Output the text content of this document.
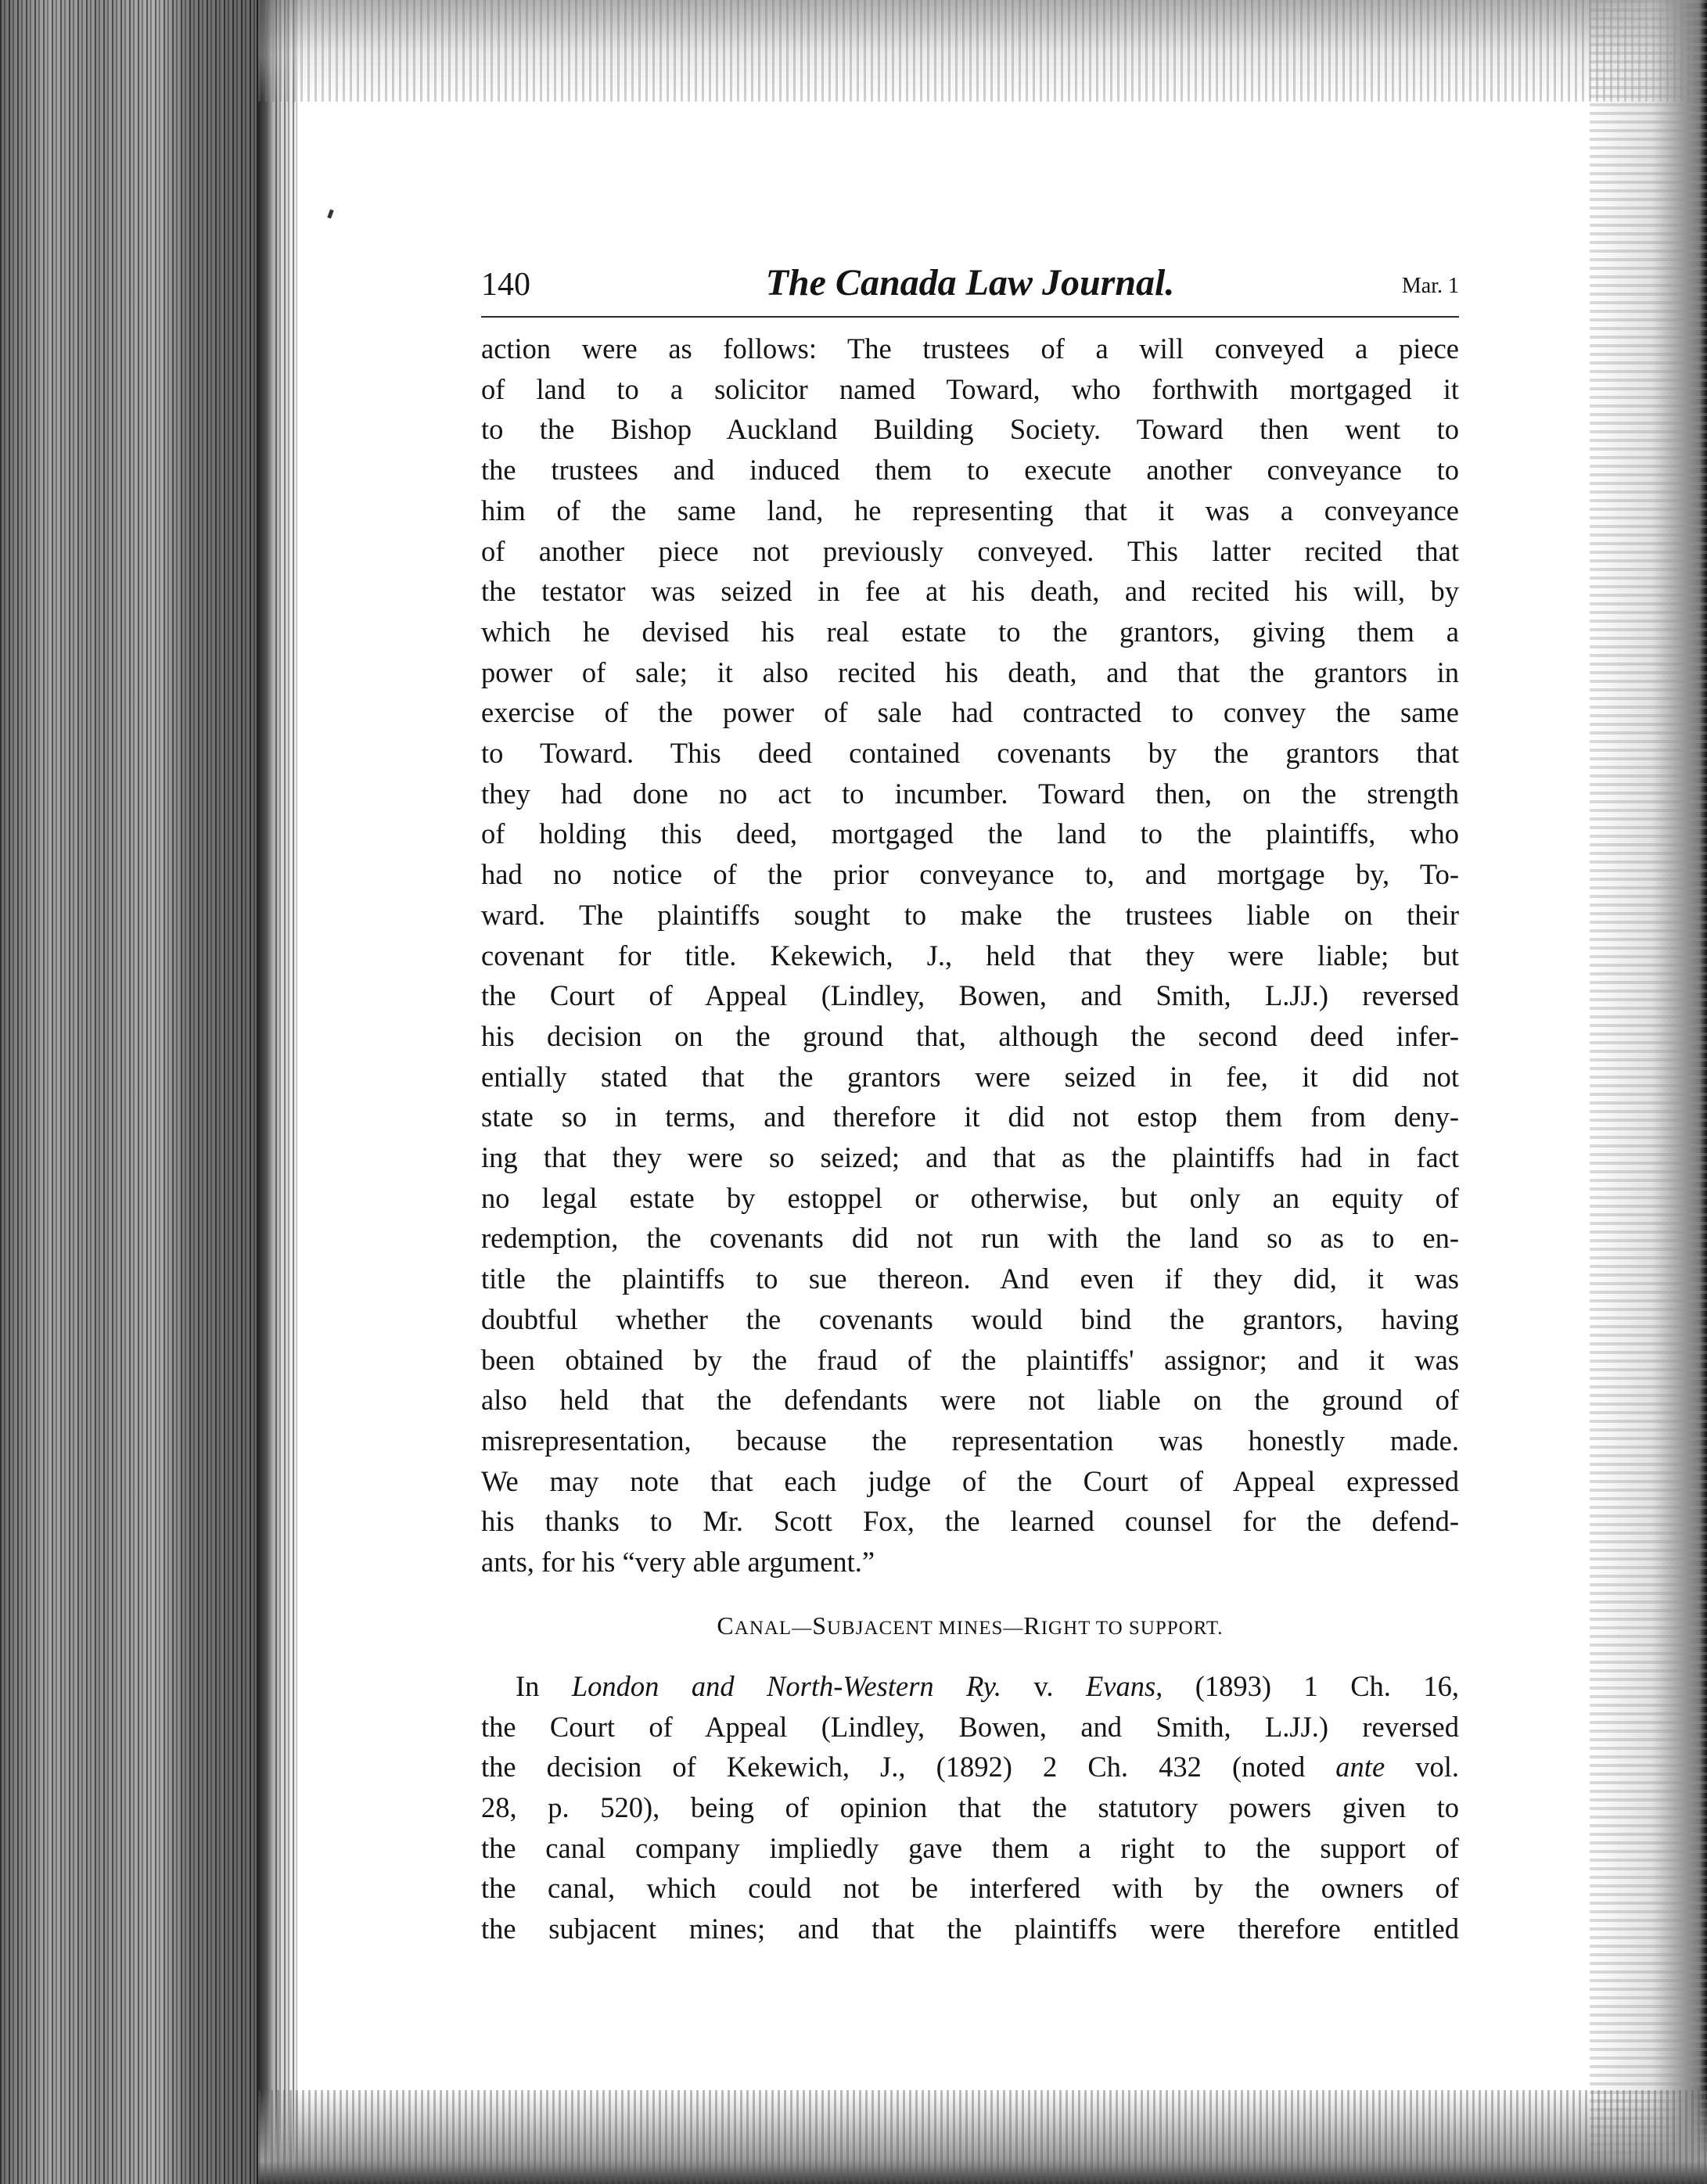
140	The Canada Law Journal.	Mar. 1
action were as follows: The trustees of a will conveyed a piece
of land to a solicitor named Toward, who forthwith mortgaged it
to the Bishop Auckland Building Society. Toward then went to
the trustees and induced them to execute another conveyance to
him of the same land, he representing that it was a conveyance
of another piece not previously conveyed. This latter recited that
the testator was seized in fee at his death, and recited his will, by
which he devised his real estate to the grantors, giving them a
power of sale; it also recited his death, and that the grantors in
exercise of the power of sale had contracted to convey the same
to Toward. This deed contained covenants by the grantors that
they had done no act to incumber. Toward then, on the strength
of holding this deed, mortgaged the land to the plaintiffs, who
had no notice of the prior conveyance to, and mortgage by, To-
ward. The plaintiffs sought to make the trustees liable on their
covenant for title. Kekewich, J., held that they were liable; but
the Court of Appeal (Lindley, Bowen, and Smith, L.JJ.) reversed
his decision on the ground that, although the second deed infer-
entially stated that the grantors were seized in fee, it did not
state so in terms, and therefore it did not estop them from deny-
ing that they were so seized; and that as the plaintiffs had in fact
no legal estate by estoppel or otherwise, but only an equity of
redemption, the covenants did not run with the land so as to en-
title the plaintiffs to sue thereon. And even if they did, it was
doubtful whether the covenants would bind the grantors, having
been obtained by the fraud of the plaintiffs' assignor; and it was
also held that the defendants were not liable on the ground of
misrepresentation, because the representation was honestly made.
We may note that each judge of the Court of Appeal expressed
his thanks to Mr. Scott Fox, the learned counsel for the defend-
ants, for his “very able argument.”
CANAL—SUBJACENT MINES—RIGHT TO SUPPORT.
In London and North-Western Ry. v. Evans, (1893) 1 Ch. 16,
the Court of Appeal (Lindley, Bowen, and Smith, L.JJ.) reversed
the decision of Kekewich, J., (1892) 2 Ch. 432 (noted ante vol.
28, p. 520), being of opinion that the statutory powers given to
the canal company impliedly gave them a right to the support of
the canal, which could not be interfered with by the owners of
the subjacent mines; and that the plaintiffs were therefore entitled
